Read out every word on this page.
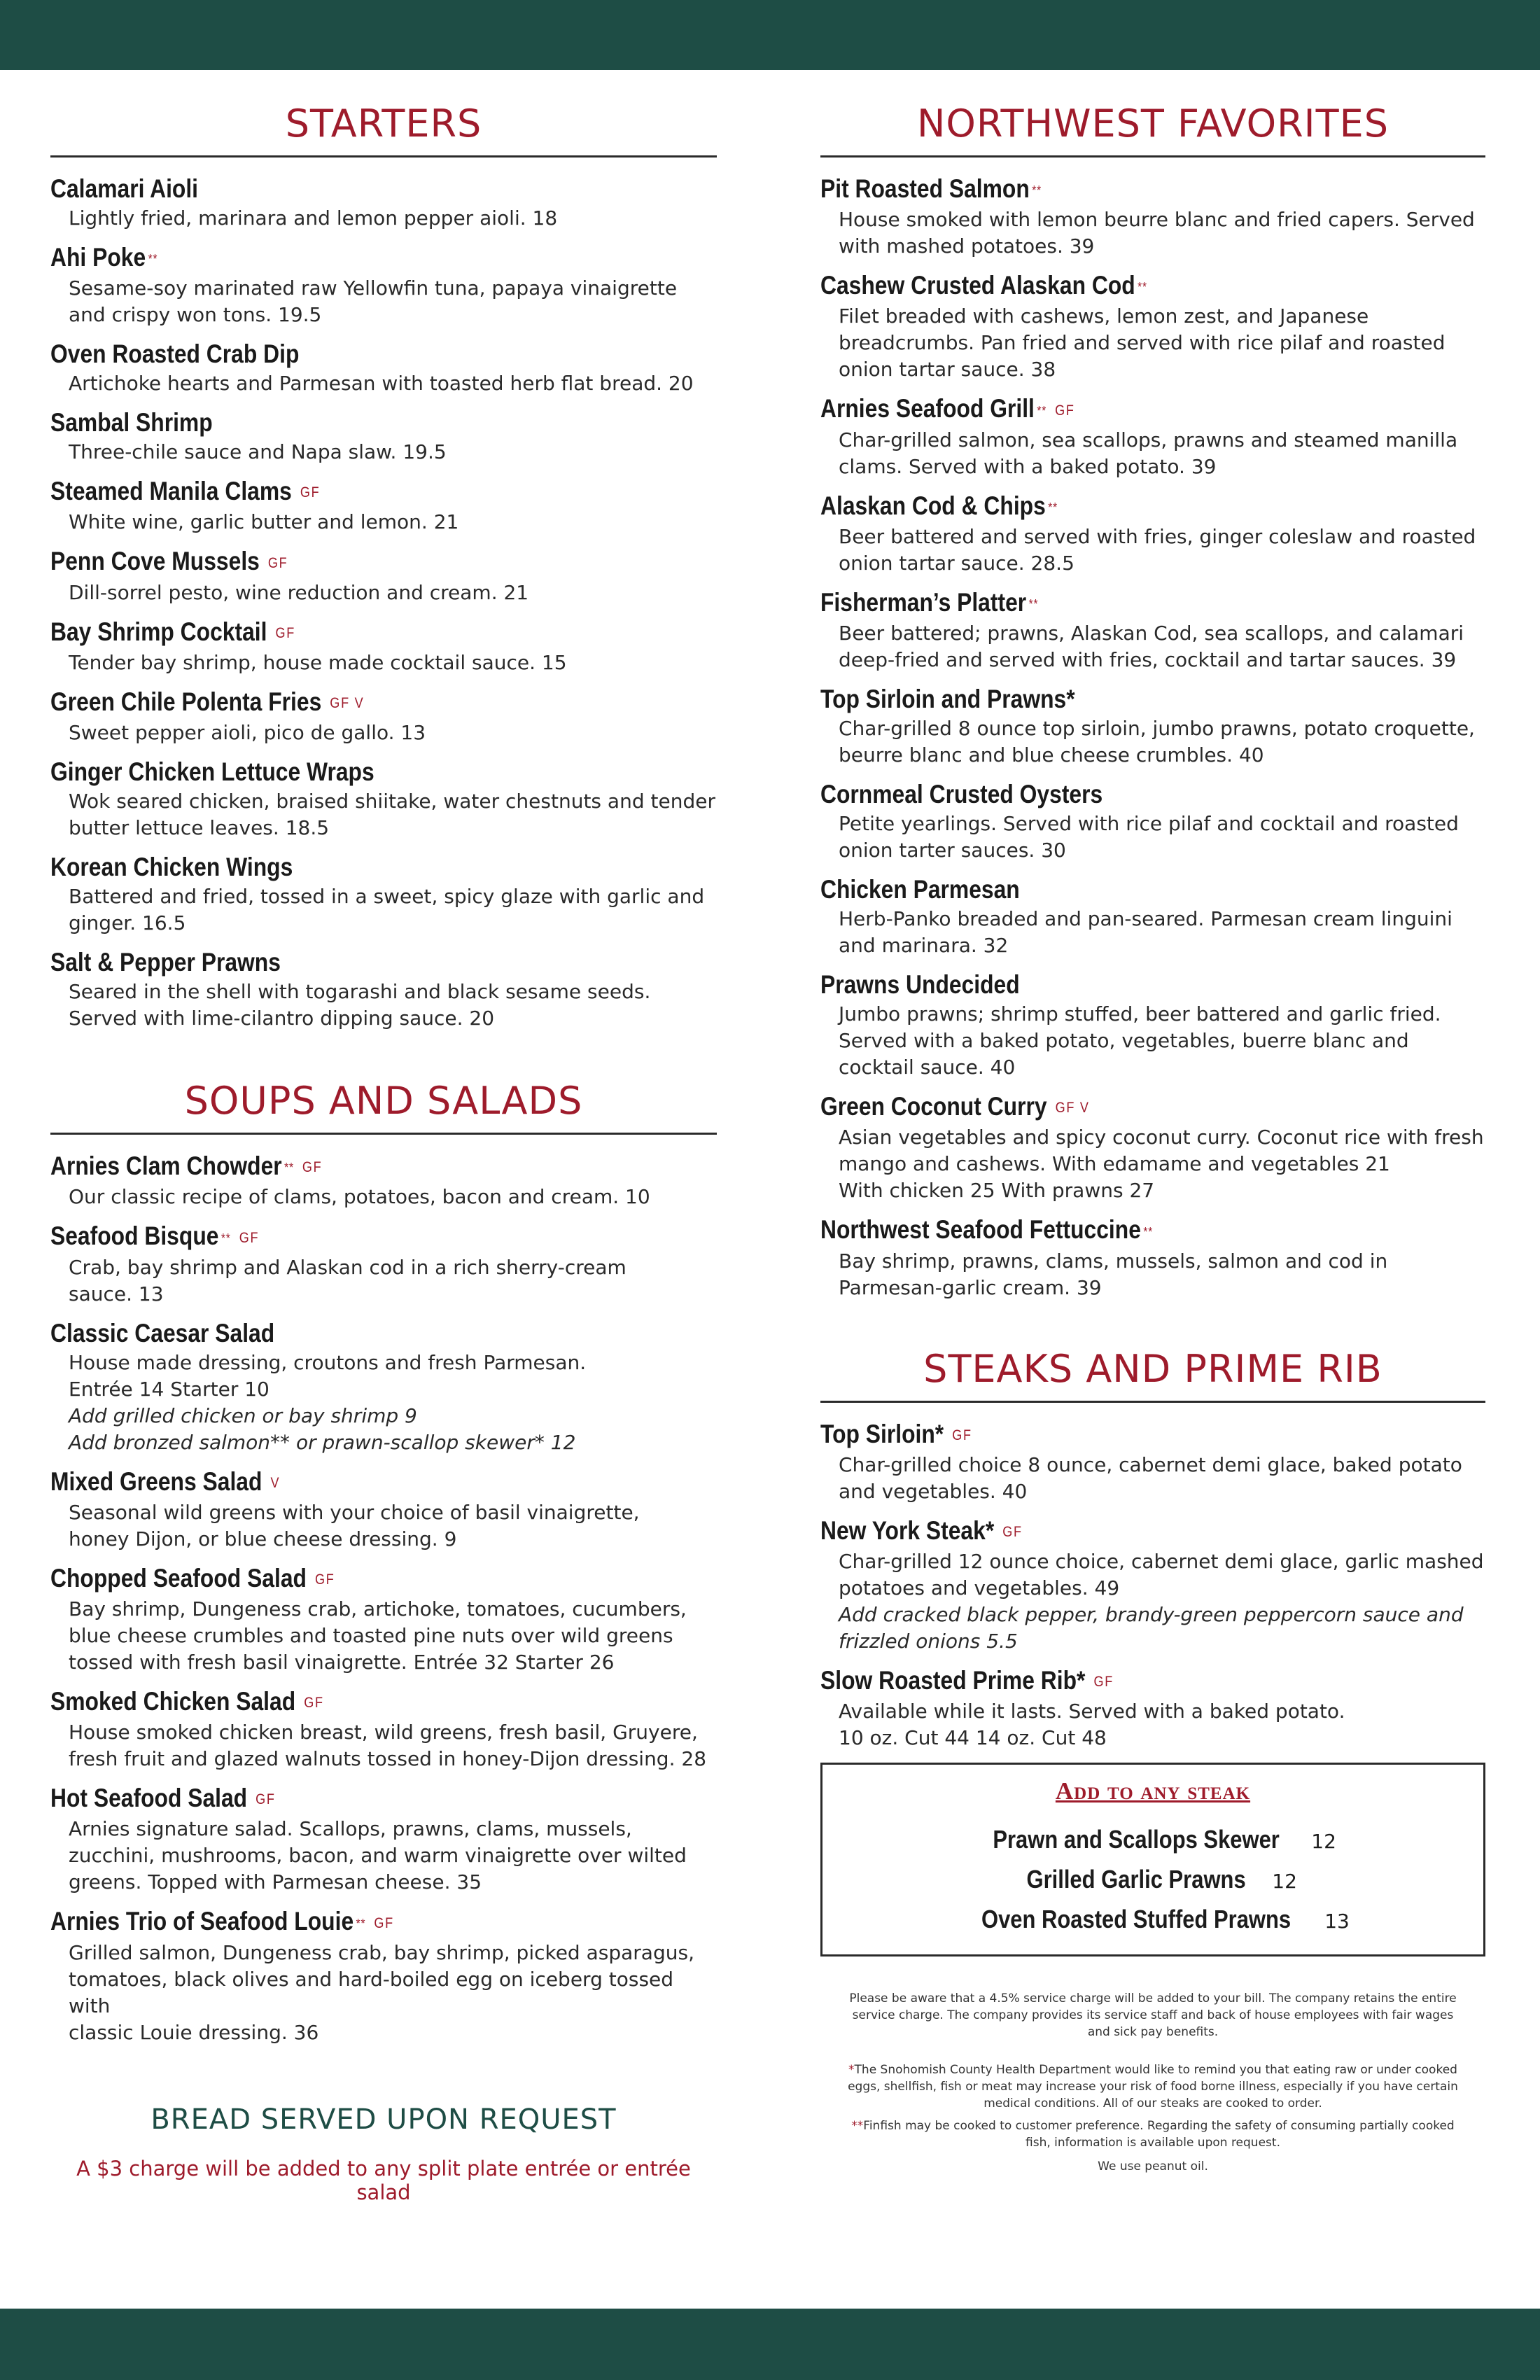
STARTERS
Calamari Aioli
Lightly fried, marinara and lemon pepper aioli. 18
Ahi Poke **
Sesame-soy marinated raw Yellowfin tuna, papaya vinaigrette
and crispy won tons. 19.5
Oven Roasted Crab Dip
Artichoke hearts and Parmesan with toasted herb flat bread. 20
Sambal Shrimp
Three-chile sauce and Napa slaw. 19.5
Steamed Manila Clams GF
White wine, garlic butter and lemon. 21
Penn Cove Mussels GF
Dill-sorrel pesto, wine reduction and cream. 21
Bay Shrimp Cocktail GF
Tender bay shrimp, house made cocktail sauce. 15
Green Chile Polenta Fries GF V
Sweet pepper aioli, pico de gallo. 13
Ginger Chicken Lettuce Wraps
Wok seared chicken, braised shiitake, water chestnuts and tender
butter lettuce leaves. 18.5
Korean Chicken Wings
Battered and fried, tossed in a sweet, spicy glaze with garlic and
ginger. 16.5
Salt & Pepper Prawns
Seared in the shell with togarashi and black sesame seeds.
Served with lime-cilantro dipping sauce. 20
SOUPS AND SALADS
Arnies Clam Chowder ** GF
Our classic recipe of clams, potatoes, bacon and cream. 10
Seafood Bisque ** GF
Crab, bay shrimp and Alaskan cod in a rich sherry-cream
sauce. 13
Classic Caesar Salad
House made dressing, croutons and fresh Parmesan.
Entrée 14 Starter 10
Add grilled chicken or bay shrimp 9
Add bronzed salmon** or prawn-scallop skewer* 12
Mixed Greens Salad V
Seasonal wild greens with your choice of basil vinaigrette,
honey Dijon, or blue cheese dressing. 9
Chopped Seafood Salad GF
Bay shrimp, Dungeness crab, artichoke, tomatoes, cucumbers,
blue cheese crumbles and toasted pine nuts over wild greens
tossed with fresh basil vinaigrette. Entrée 32 Starter 26
Smoked Chicken Salad GF
House smoked chicken breast, wild greens, fresh basil, Gruyere,
fresh fruit and glazed walnuts tossed in honey-Dijon dressing. 28
Hot Seafood Salad GF
Arnies signature salad. Scallops, prawns, clams, mussels,
zucchini, mushrooms, bacon, and warm vinaigrette over wilted
greens. Topped with Parmesan cheese. 35
Arnies Trio of Seafood Louie ** GF
Grilled salmon, Dungeness crab, bay shrimp, picked asparagus,
tomatoes, black olives and hard-boiled egg on iceberg tossed with
classic Louie dressing. 36
BREAD SERVED UPON REQUEST
A $3 charge will be added to any split plate entrée or entrée salad
NORTHWEST FAVORITES
Pit Roasted Salmon **
House smoked with lemon beurre blanc and fried capers. Served
with mashed potatoes. 39
Cashew Crusted Alaskan Cod **
Filet breaded with cashews, lemon zest, and Japanese
breadcrumbs. Pan fried and served with rice pilaf and roasted
onion tartar sauce. 38
Arnies Seafood Grill ** GF
Char-grilled salmon, sea scallops, prawns and steamed manilla
clams. Served with a baked potato. 39
Alaskan Cod & Chips **
Beer battered and served with fries, ginger coleslaw and roasted
onion tartar sauce. 28.5
Fisherman’s Platter **
Beer battered; prawns, Alaskan Cod, sea scallops, and calamari
deep-fried and served with fries, cocktail and tartar sauces. 39
Top Sirloin and Prawns*
Char-grilled 8 ounce top sirloin, jumbo prawns, potato croquette,
beurre blanc and blue cheese crumbles. 40
Cornmeal Crusted Oysters
Petite yearlings. Served with rice pilaf and cocktail and roasted
onion tarter sauces. 30
Chicken Parmesan
Herb-Panko breaded and pan-seared. Parmesan cream linguini
and marinara. 32
Prawns Undecided
Jumbo prawns; shrimp stuffed, beer battered and garlic fried.
Served with a baked potato, vegetables, buerre blanc and
cocktail sauce. 40
Green Coconut Curry GF V
Asian vegetables and spicy coconut curry. Coconut rice with fresh
mango and cashews. With edamame and vegetables 21
With chicken 25 With prawns 27
Northwest Seafood Fettuccine **
Bay shrimp, prawns, clams, mussels, salmon and cod in
Parmesan-garlic cream. 39
STEAKS AND PRIME RIB
Top Sirloin* GF
Char-grilled choice 8 ounce, cabernet demi glace, baked potato
and vegetables. 40
New York Steak* GF
Char-grilled 12 ounce choice, cabernet demi glace, garlic mashed
potatoes and vegetables. 49
Add cracked black pepper, brandy-green peppercorn sauce and
frizzled onions 5.5
Slow Roasted Prime Rib* GF
Available while it lasts. Served with a baked potato.
10 oz. Cut 44 14 oz. Cut 48
Add to any steak
Prawn and Scallops Skewer 12
Grilled Garlic Prawns 12
Oven Roasted Stuffed Prawns 13
Please be aware that a 4.5% service charge will be added to your bill. The company retains the entire service charge. The company provides its service staff and back of house employees with fair wages and sick pay benefits.
*The Snohomish County Health Department would like to remind you that eating raw or under cooked eggs, shellfish, fish or meat may increase your risk of food borne illness, especially if you have certain medical conditions. All of our steaks are cooked to order.
**Finfish may be cooked to customer preference. Regarding the safety of consuming partially cooked fish, information is available upon request.
We use peanut oil.
